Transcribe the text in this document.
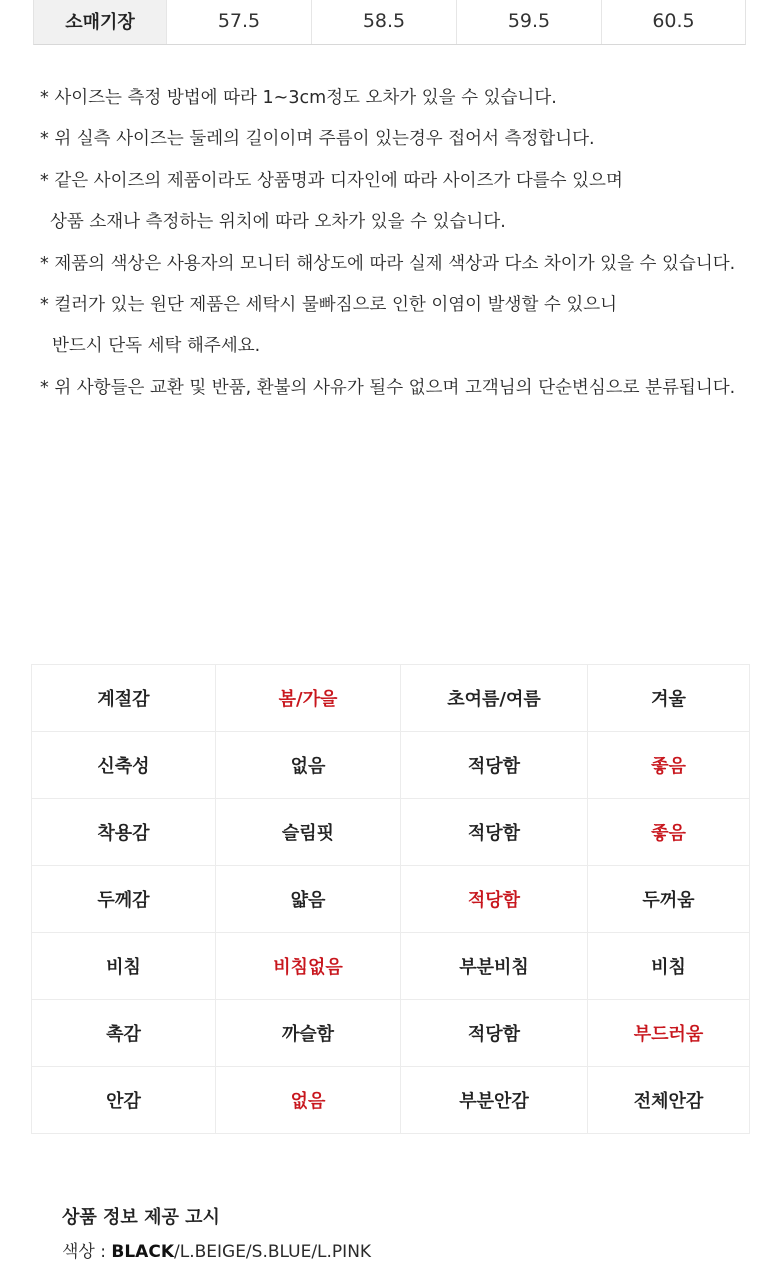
소매기장	57.5	58.5	59.5	60.5
* 사이즈는 측정 방법에 따라 1~3cm정도 오차가 있을 수 있습니다.
* 위 실측 사이즈는 둘레의 길이이며 주름이 있는경우 접어서 측정합니다.
* 같은 사이즈의 제품이라도 상품명과 디자인에 따라 사이즈가 다를수 있으며
상품 소재나 측정하는 위치에 따라 오차가 있을 수 있습니다.
* 제품의 색상은 사용자의 모니터 해상도에 따라 실제 색상과 다소 차이가 있을 수 있습니다.
* 컬러가 있는 원단 제품은 세탁시 물빠짐으로 인한 이염이 발생할 수 있으니
반드시 단독 세탁 해주세요.
* 위 사항들은 교환 및 반품, 환불의 사유가 될수 없으며 고객님의 단순변심으로 분류됩니다.
계절감	봄/가을	초여름/여름	겨울
신축성	없음	적당함	좋음
착용감	슬림핏	적당함	좋음
두께감	얇음	적당함	두꺼움
비침	비침없음	부분비침	비침
촉감	까슬함	적당함	부드러움
안감	없음	부분안감	전체안감
상품 정보 제공 고시
색상 : BLACK/L.BEIGE/S.BLUE/L.PINK
